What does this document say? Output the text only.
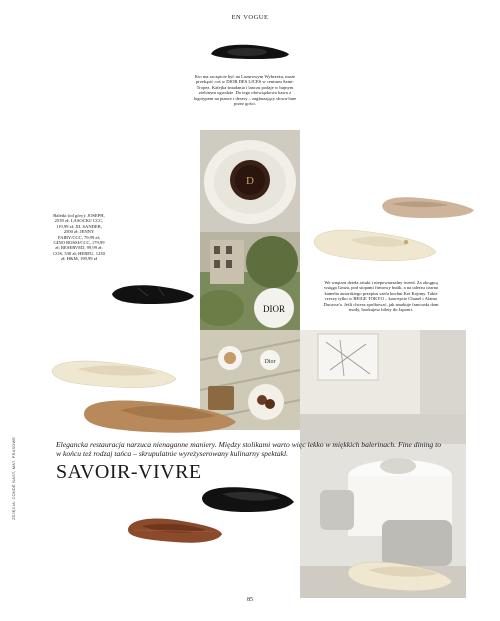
EN VOGUE
Kto ma szczęście być na Lazurowym Wybrzeżu, może przekąsić coś w DIOR DES LICES w centrum Saint-Tropez. Kafejka śniadania i lanczu podaje w bujnym zielonym ogrodzie. Do tego obowiązkowo kawa z logotypem na piance i desery – zagłarzający słowa-lone przez gości.
D
Baletki (od góry): JOSEPH, 2539 zł; LASOCKI/ CCC, 119,99 zł; JIL SANDER, 2500 zł; JENNY FAIRY/CCC, 79,99 zł; GINO ROSSI/CCC, 179,99 zł; RESERVED, 99,99 zł; COS, 530 zł; HEREU, 1230 zł; H&M, 199,99 zł
DIOR
We wnętrzu dzieła sztuki i niepowtarzalny tweed. Za okrągną wstęga Gmza, pod stopami firmowy butik, a na talerzu czarna kamelia autorskiego przepisu szefa kuchni Kei Kojimy. Takie rzeczy tylko w BEIGE TOKYO – koncepcie Chanel i Alaina Ducasse'a. Jeśli chcesz spróbować, jak smakuje francuski dom mody, bookujesz bilety do Japonii.
Dior
Elegancka restauracja narzuca nienaganne maniery. Między stolikami warto więc lekko w miękkich balerinach. Fine dining to w końcu też rodzaj tańca – skrupulatnie wyreżyserowany kulinarny spektakl.
SAVOIR-VIVRE
ZDJĘCIA: CONDÉ NAST, MAT. PRASOWE
85
